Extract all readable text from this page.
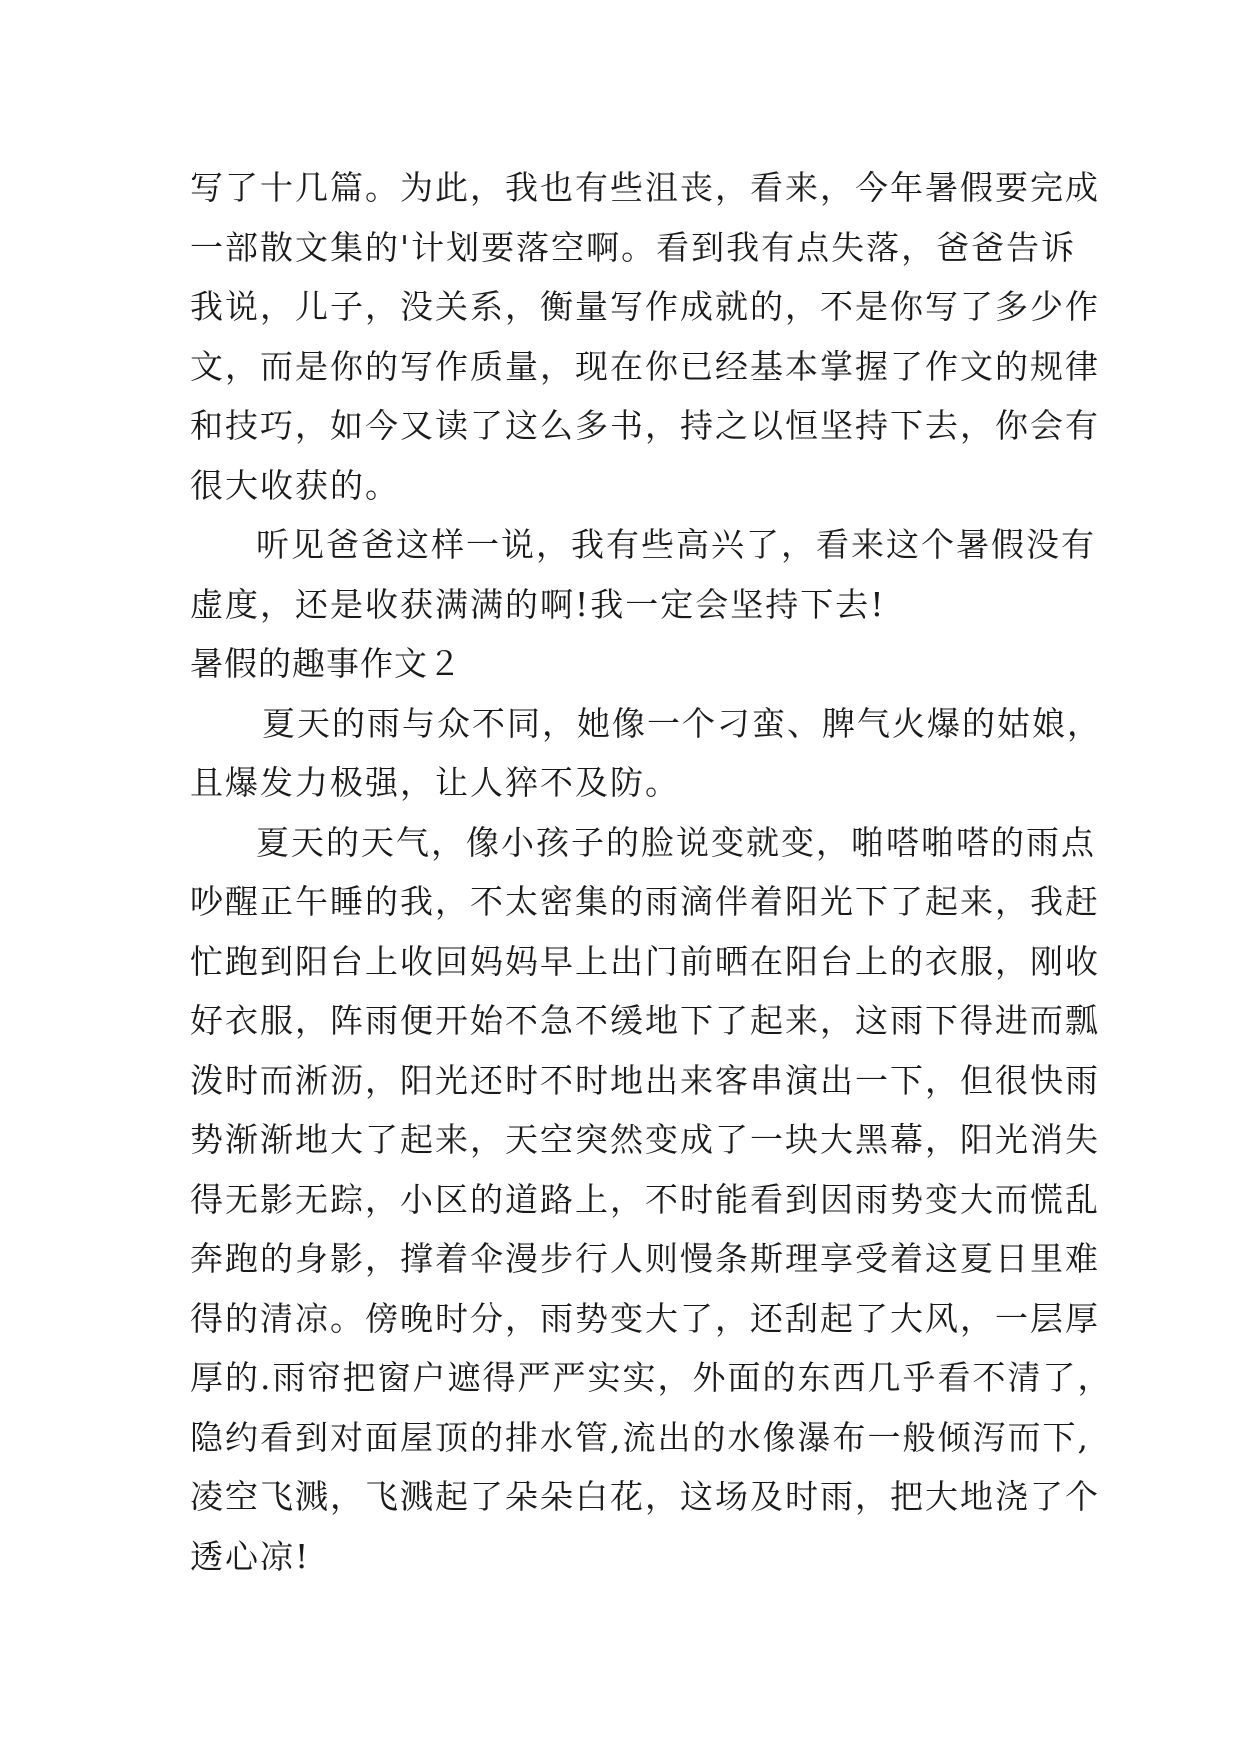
写了十几篇。为此，我也有些沮丧，看来，今年暑假要完成
一部散文集的'计划要落空啊。看到我有点失落，爸爸告诉
我说，儿子，没关系，衡量写作成就的，不是你写了多少作
文，而是你的写作质量，现在你已经基本掌握了作文的规律
和技巧，如今又读了这么多书，持之以恒坚持下去，你会有
很大收获的。
听见爸爸这样一说，我有些高兴了，看来这个暑假没有
虚度，还是收获满满的啊!我一定会坚持下去!
暑假的趣事作文２
夏天的雨与众不同，她像一个刁蛮、脾气火爆的姑娘，
且爆发力极强，让人猝不及防。
夏天的天气，像小孩子的脸说变就变，啪嗒啪嗒的雨点
吵醒正午睡的我，不太密集的雨滴伴着阳光下了起来，我赶
忙跑到阳台上收回妈妈早上出门前晒在阳台上的衣服，刚收
好衣服，阵雨便开始不急不缓地下了起来，这雨下得进而瓢
泼时而淅沥，阳光还时不时地出来客串演出一下，但很快雨
势渐渐地大了起来，天空突然变成了一块大黑幕，阳光消失
得无影无踪，小区的道路上，不时能看到因雨势变大而慌乱
奔跑的身影，撑着伞漫步行人则慢条斯理享受着这夏日里难
得的清凉。傍晚时分，雨势变大了，还刮起了大风，一层厚
厚的.雨帘把窗户遮得严严实实，外面的东西几乎看不清了，
隐约看到对面屋顶的排水管,流出的水像瀑布一般倾泻而下,
凌空飞溅，飞溅起了朵朵白花，这场及时雨，把大地浇了个
透心凉!
